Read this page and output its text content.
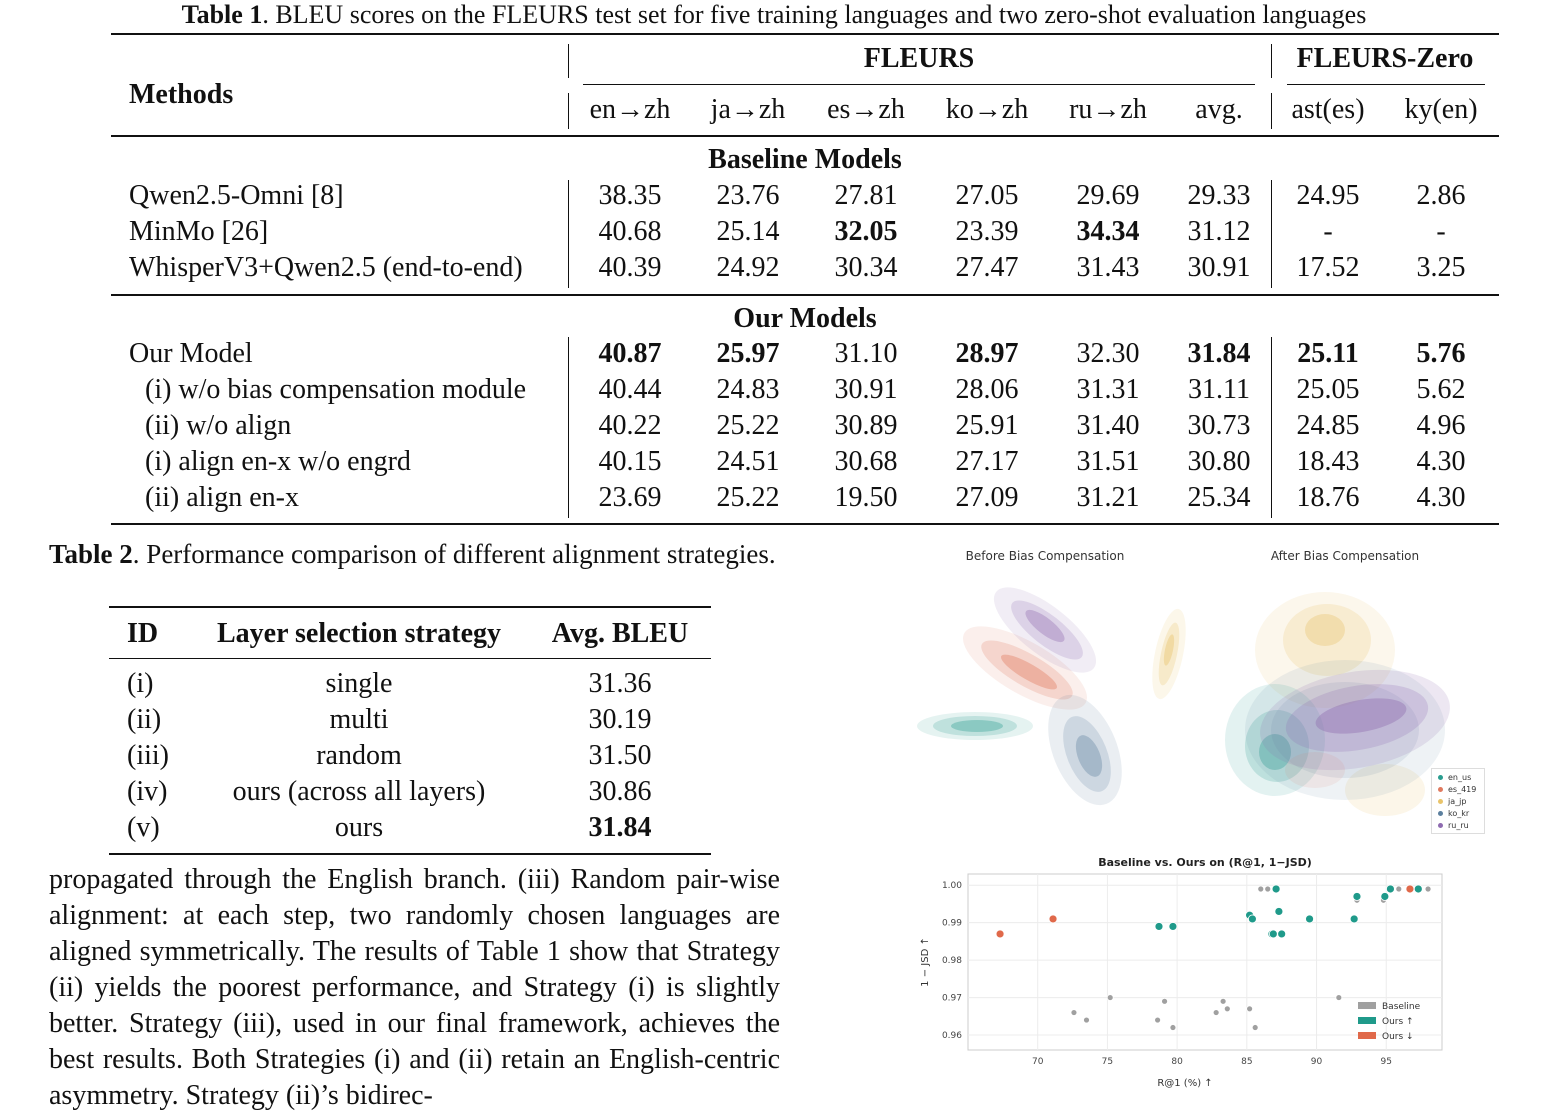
Table 1. BLEU scores on the FLEURS test set for five training languages and two zero-shot evaluation languages
Methods
FLEURS	FLEURS-Zero
en→zh	ja→zh	es→zh	ko→zh	ru→zh	avg.	ast(es)	ky(en)
Baseline Models
Qwen2.5-Omni [8]	38.35	23.76	27.81	27.05	29.69	29.33	24.95	2.86
MinMo [26]	40.68	25.14	32.05	23.39	34.34	31.12	-	-
WhisperV3+Qwen2.5 (end-to-end)	40.39	24.92	30.34	27.47	31.43	30.91	17.52	3.25
Our Models
Our Model	40.87	25.97	31.10	28.97	32.30	31.84	25.11	5.76
(i) w/o bias compensation module	40.44	24.83	30.91	28.06	31.31	31.11	25.05	5.62
(ii) w/o align	40.22	25.22	30.89	25.91	31.40	30.73	24.85	4.96
(i) align en-x w/o engrd	40.15	24.51	30.68	27.17	31.51	30.80	18.43	4.30
(ii) align en-x	23.69	25.22	19.50	27.09	31.21	25.34	18.76	4.30
Table 2. Performance comparison of different alignment strategies.
ID	Layer selection strategy	Avg. BLEU
(i)	single	31.36
(ii)	multi	30.19
(iii)	random	31.50
(iv)	ours (across all layers)	30.86
(v)	ours	31.84

propagated through the English branch. (iii) Random pair-wise alignment: at each step, two randomly chosen languages are aligned symmetrically. The results of Table 1 show that Strategy (ii) yields the poorest performance, and Strategy (i) is slightly better. Strategy (iii), used in our final framework, achieves the best results. Both Strategies (i) and (ii) retain an English-centric asymmetry. Strategy (ii)’s bidirec-

Before Bias Compensation	After Bias Compensation
en_us
es_419
ja_jp
ko_kr
ru_ru
70	75	80	85	90	95
0.96
0.97
0.98
0.99
1.00
Baseline vs. Ours on (R@1, 1−JSD)
R@1 (%) ↑
1 − JSD ↑
Baseline
Ours ↑
Ours ↓
